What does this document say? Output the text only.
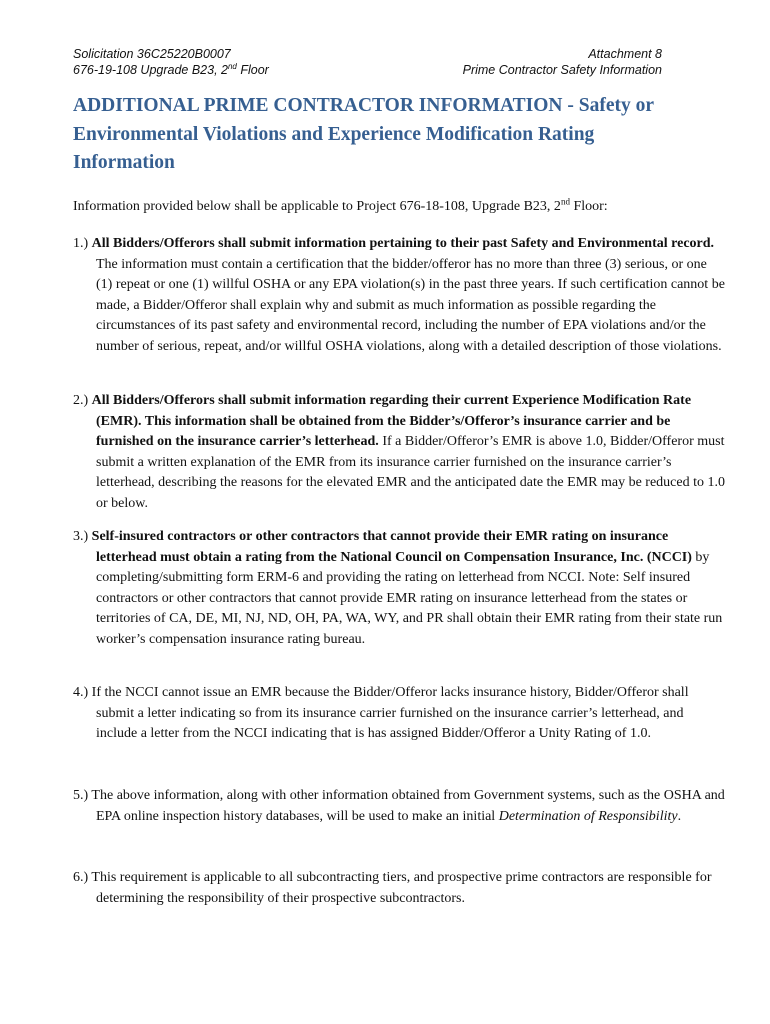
Solicitation 36C25220B0007
676-19-108 Upgrade B23, 2nd Floor
Attachment 8
Prime Contractor Safety Information
ADDITIONAL PRIME CONTRACTOR INFORMATION - Safety or Environmental Violations and Experience Modification Rating Information

Information provided below shall be applicable to Project 676-18-108, Upgrade B23, 2nd Floor:

1.) All Bidders/Offerors shall submit information pertaining to their past Safety and Environmental record. The information must contain a certification that the bidder/offeror has no more than three (3) serious, or one (1) repeat or one (1) willful OSHA or any EPA violation(s) in the past three years. If such certification cannot be made, a Bidder/Offeror shall explain why and submit as much information as possible regarding the circumstances of its past safety and environmental record, including the number of EPA violations and/or the number of serious, repeat, and/or willful OSHA violations, along with a detailed description of those violations.

2.) All Bidders/Offerors shall submit information regarding their current Experience Modification Rate (EMR). This information shall be obtained from the Bidder’s/Offeror’s insurance carrier and be furnished on the insurance carrier’s letterhead. If a Bidder/Offeror’s EMR is above 1.0, Bidder/Offeror must submit a written explanation of the EMR from its insurance carrier furnished on the insurance carrier’s letterhead, describing the reasons for the elevated EMR and the anticipated date the EMR may be reduced to 1.0 or below.

3.) Self-insured contractors or other contractors that cannot provide their EMR rating on insurance letterhead must obtain a rating from the National Council on Compensation Insurance, Inc. (NCCI) by completing/submitting form ERM-6 and providing the rating on letterhead from NCCI. Note: Self insured contractors or other contractors that cannot provide EMR rating on insurance letterhead from the states or territories of CA, DE, MI, NJ, ND, OH, PA, WA, WY, and PR shall obtain their EMR rating from their state run worker’s compensation insurance rating bureau.

4.) If the NCCI cannot issue an EMR because the Bidder/Offeror lacks insurance history, Bidder/Offeror shall submit a letter indicating so from its insurance carrier furnished on the insurance carrier’s letterhead, and include a letter from the NCCI indicating that is has assigned Bidder/Offeror a Unity Rating of 1.0.

5.) The above information, along with other information obtained from Government systems, such as the OSHA and EPA online inspection history databases, will be used to make an initial Determination of Responsibility.

6.) This requirement is applicable to all subcontracting tiers, and prospective prime contractors are responsible for determining the responsibility of their prospective subcontractors.
